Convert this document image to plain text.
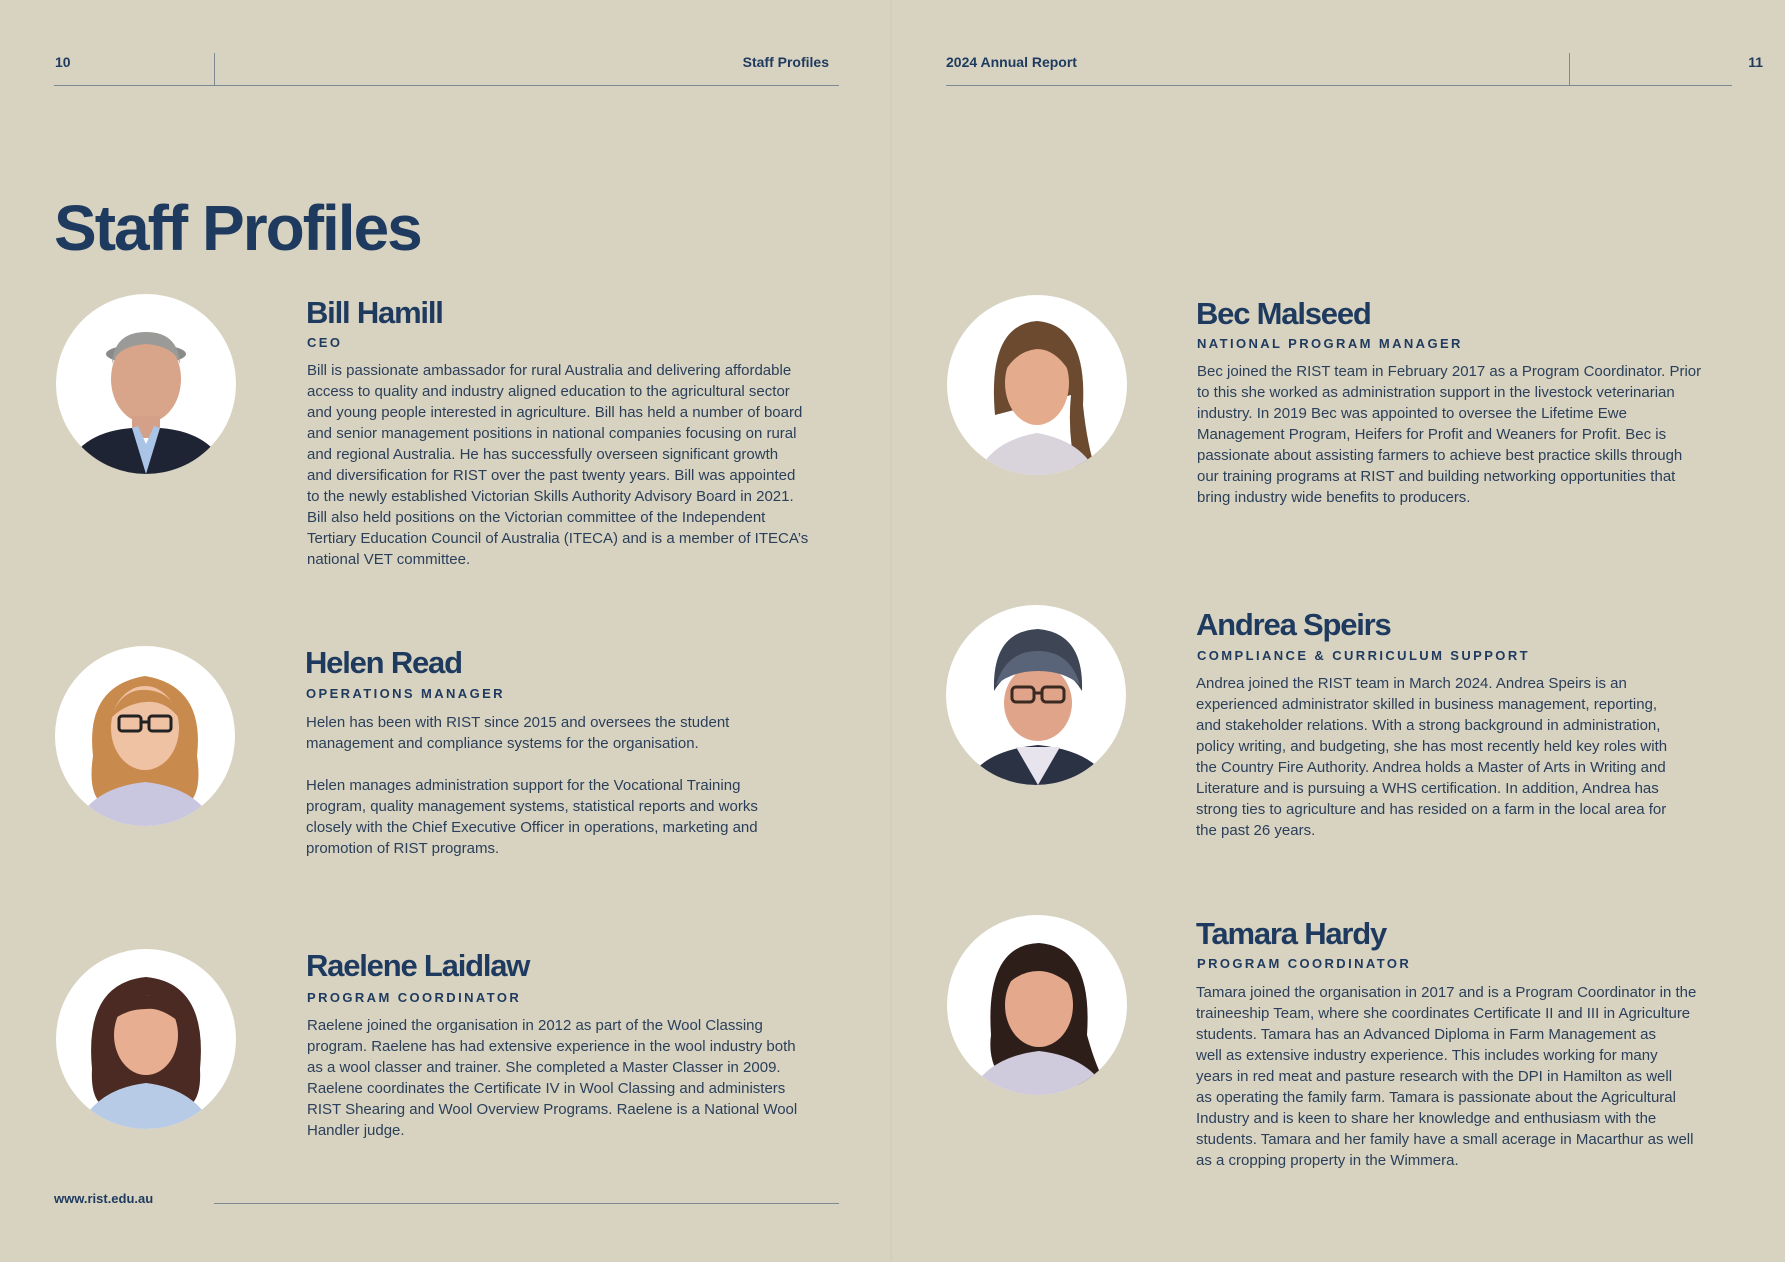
10	Staff Profiles
Staff Profiles
Bill Hamill
CEO

Bill is passionate ambassador for rural Australia and delivering affordable
access to quality and industry aligned education to the agricultural sector
and young people interested in agriculture. Bill has held a number of board
and senior management positions in national companies focusing on rural
and regional Australia. He has successfully overseen significant growth
and diversification for RIST over the past twenty years. Bill was appointed
to the newly established Victorian Skills Authority Advisory Board in 2021.
Bill also held positions on the Victorian committee of the Independent
Tertiary Education Council of Australia (ITECA) and is a member of ITECA’s
national VET committee.

Helen Read
OPERATIONS MANAGER

Helen has been with RIST since 2015 and oversees the student
management and compliance systems for the organisation.

Helen manages administration support for the Vocational Training
program, quality management systems, statistical reports and works
closely with the Chief Executive Officer in operations, marketing and
promotion of RIST programs.

Raelene Laidlaw
PROGRAM COORDINATOR

Raelene joined the organisation in 2012 as part of the Wool Classing
program. Raelene has had extensive experience in the wool industry both
as a wool classer and trainer. She completed a Master Classer in 2009.
Raelene coordinates the Certificate IV in Wool Classing and administers
RIST Shearing and Wool Overview Programs. Raelene is a National Wool
Handler judge.

www.rist.edu.au
2024 Annual Report	11
Bec Malseed
NATIONAL PROGRAM MANAGER

Bec joined the RIST team in February 2017 as a Program Coordinator. Prior
to this she worked as administration support in the livestock veterinarian
industry. In 2019 Bec was appointed to oversee the Lifetime Ewe
Management Program, Heifers for Profit and Weaners for Profit. Bec is
passionate about assisting farmers to achieve best practice skills through
our training programs at RIST and building networking opportunities that
bring industry wide benefits to producers.

Andrea Speirs
COMPLIANCE & CURRICULUM SUPPORT

Andrea joined the RIST team in March 2024. Andrea Speirs is an
experienced administrator skilled in business management, reporting,
and stakeholder relations. With a strong background in administration,
policy writing, and budgeting, she has most recently held key roles with
the Country Fire Authority. Andrea holds a Master of Arts in Writing and
Literature and is pursuing a WHS certification. In addition, Andrea has
strong ties to agriculture and has resided on a farm in the local area for
the past 26 years.

Tamara Hardy
PROGRAM COORDINATOR

Tamara joined the organisation in 2017 and is a Program Coordinator in the
traineeship Team, where she coordinates Certificate II and III in Agriculture
students. Tamara has an Advanced Diploma in Farm Management as
well as extensive industry experience. This includes working for many
years in red meat and pasture research with the DPI in Hamilton as well
as operating the family farm. Tamara is passionate about the Agricultural
Industry and is keen to share her knowledge and enthusiasm with the
students. Tamara and her family have a small acerage in Macarthur as well
as a cropping property in the Wimmera.
